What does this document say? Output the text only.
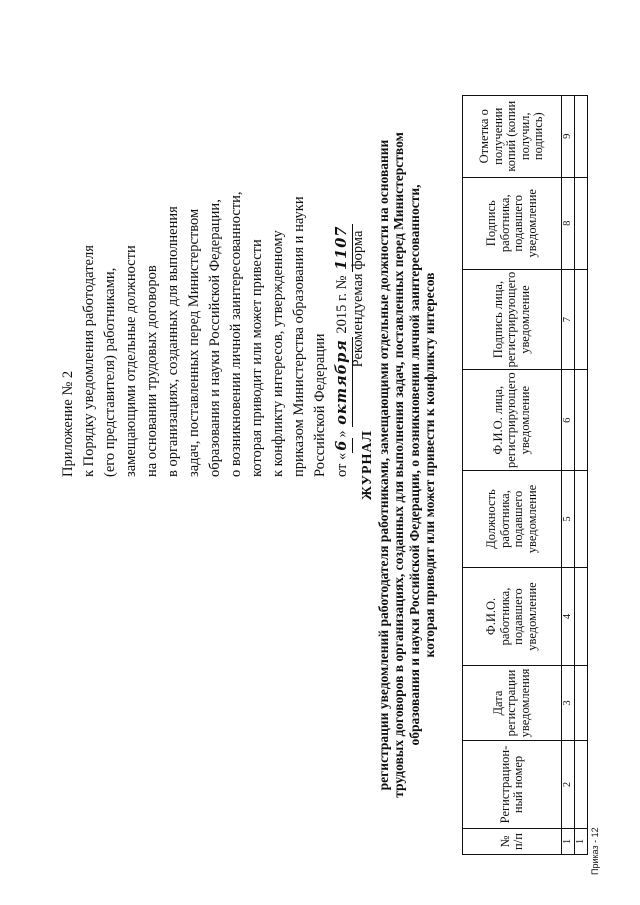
Приложение № 2 к Порядку уведомления работодателя (его представителя) работниками, замещающими отдельные должности на основании трудовых договоров в организациях, созданных для выполнения задач, поставленных перед Министерством образования и науки Российской Федерации, о возникновении личной заинтересованности, которая приводит или может привести к конфликту интересов, утвержденному приказом Министерства образования и науки Российской Федерации от «6» октября 2015 г. № 1107 Рекомендуемая форма
ЖУРНАЛ регистрации уведомлений работодателя работниками, замещающими отдельные должности на основании трудовых договоров в организациях, созданных для выполнения задач, поставленных перед Министерством образования и науки Российской Федерации, о возникновении личной заинтересованности, которая приводит или может привести к конфликту интересов
№ п/п	Регистрацион-ный номер	Дата регистрации уведомления	Ф.И.О. работника, подавшего уведомление	Должность работника, подавшего уведомление	Ф.И.О. лица, регистрирующего уведомление	Подпись лица, регистрирующего уведомление	Подпись работника, подавшего уведомление	Отметка о получении копий (копии получил, подпись)
1	2	3	4	5	6	7	8	9
1								Приказ - 12
